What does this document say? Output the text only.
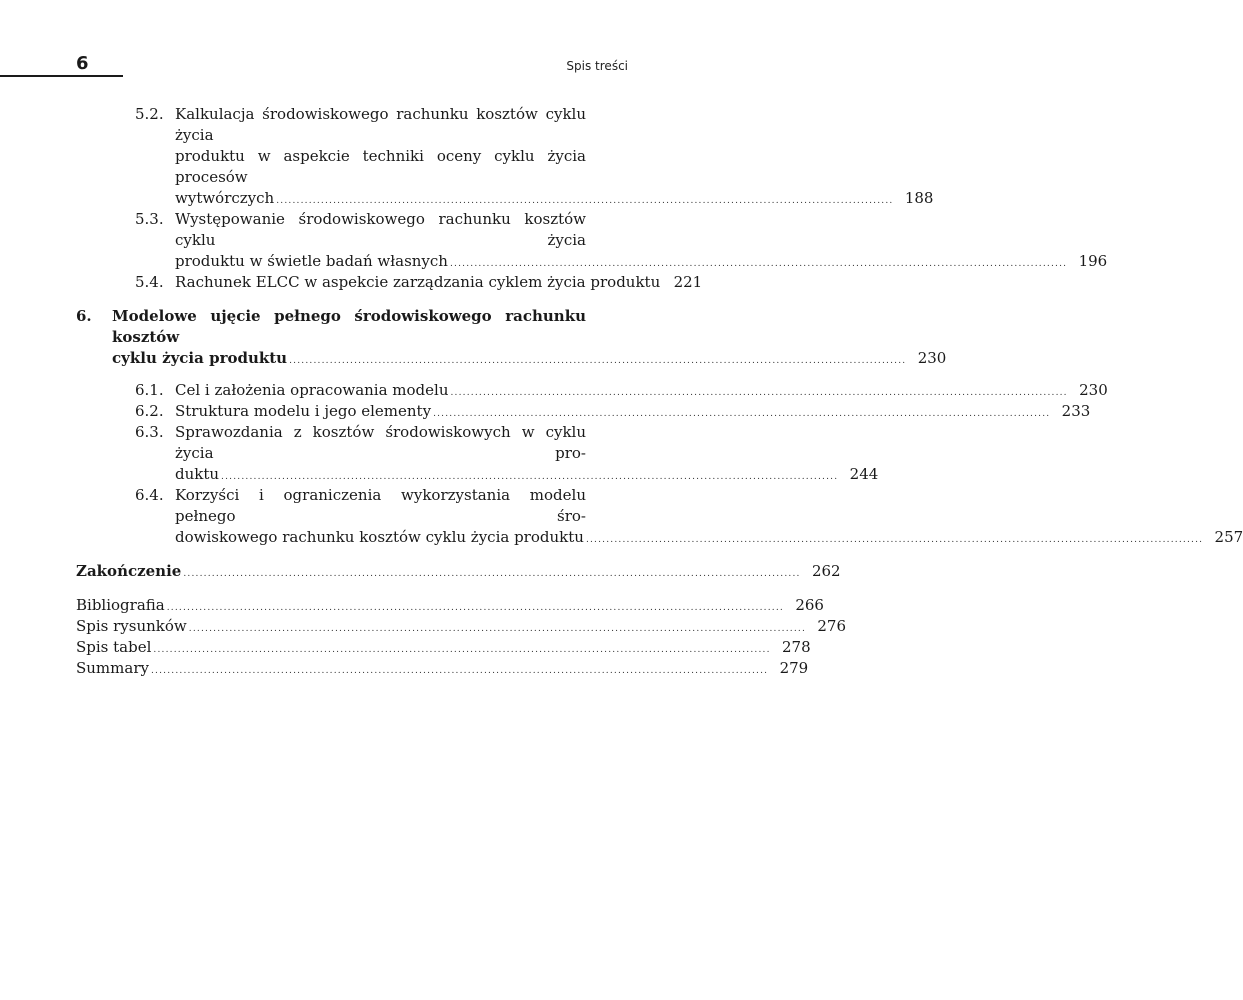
6	Spis treści
5.2. Kalkulacja środowiskowego rachunku kosztów cyklu życia
produktu w aspekcie techniki oceny cyklu życia procesów
wytwórczych ........................................................................................................................................................ 188
5.3. Występowanie środowiskowego rachunku kosztów cyklu życia
produktu w świetle badań własnych ........................................................................................................................................................ 196
5.4. Rachunek ELCC w aspekcie zarządzania cyklem życia produktu 221
6.	Modelowe ujęcie pełnego środowiskowego rachunku kosztów
cyklu życia produktu ........................................................................................................................................................ 230
6.1. Cel i założenia opracowania modelu ........................................................................................................................................................ 230
6.2. Struktura modelu i jego elementy ........................................................................................................................................................ 233
6.3. Sprawozdania z kosztów środowiskowych w cyklu życia pro-
duktu ........................................................................................................................................................ 244
6.4. Korzyści i ograniczenia wykorzystania modelu pełnego śro-
dowiskowego rachunku kosztów cyklu życia produktu ........................................................................................................................................................ 257
Zakończenie ........................................................................................................................................................ 262
Bibliografia ........................................................................................................................................................ 266
Spis rysunków ........................................................................................................................................................ 276
Spis tabel ........................................................................................................................................................ 278
Summary ........................................................................................................................................................ 279
